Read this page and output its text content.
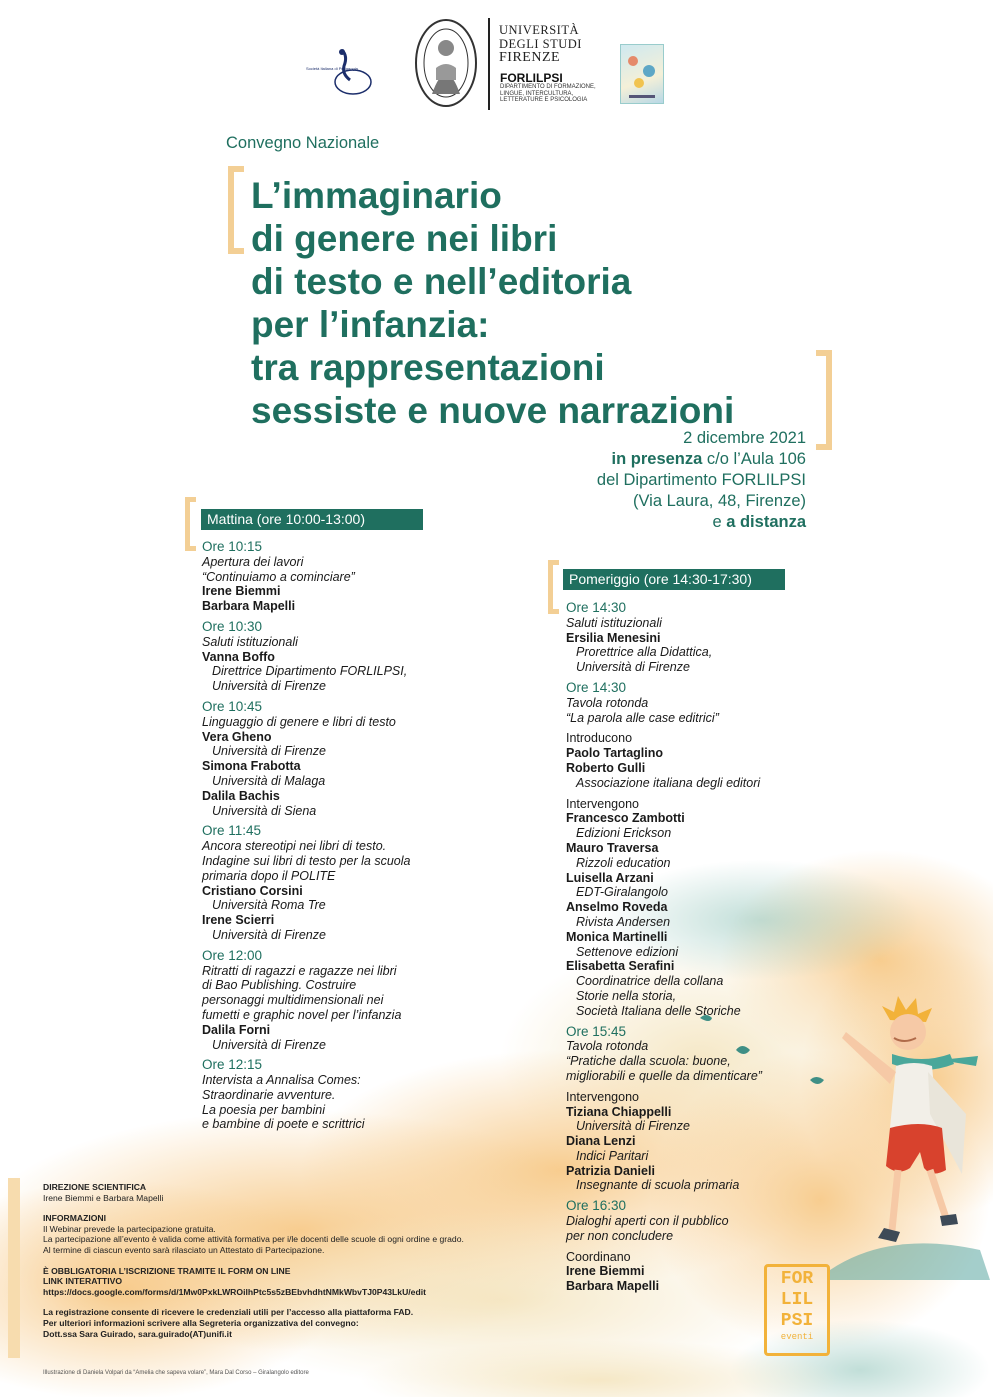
Società Italiana di Pedagogia
UNIVERSITÀ
DEGLI STUDI
FIRENZE
FORLILPSI
DIPARTIMENTO DI FORMAZIONE,
LINGUE, INTERCULTURA,
LETTERATURE E PSICOLOGIA
Convegno Nazionale
L’immaginario
di genere nei libri
di testo e nell’editoria
per l’infanzia:
tra rappresentazioni
sessiste e nuove narrazioni
2 dicembre 2021
in presenza c/o l’Aula 106
del Dipartimento FORLILPSI
(Via Laura, 48, Firenze)
e a distanza
Mattina (ore 10:00-13:00)
Ore 10:15
Apertura dei lavori
“Continuiamo a cominciare”
Irene Biemmi
Barbara Mapelli
Ore 10:30
Saluti istituzionali
Vanna Boffo
Direttrice Dipartimento FORLILPSI,
Università di Firenze
Ore 10:45
Linguaggio di genere e libri di testo
Vera Gheno
Università di Firenze
Simona Frabotta
Università di Malaga
Dalila Bachis
Università di Siena
Ore 11:45
Ancora stereotipi nei libri di testo.
Indagine sui libri di testo per la scuola
primaria dopo il POLITE
Cristiano Corsini
Università Roma Tre
Irene Scierri
Università di Firenze
Ore 12:00
Ritratti di ragazzi e ragazze nei libri
di Bao Publishing. Costruire
personaggi multidimensionali nei
fumetti e graphic novel per l’infanzia
Dalila Forni
Università di Firenze
Ore 12:15
Intervista a Annalisa Comes:
Straordinarie avventure.
La poesia per bambini
e bambine di poete e scrittrici
Pomeriggio (ore 14:30-17:30)
Ore 14:30
Saluti istituzionali
Ersilia Menesini
Prorettrice alla Didattica,
Università di Firenze
Ore 14:30
Tavola rotonda
“La parola alle case editrici”
Introducono
Paolo Tartaglino
Roberto Gulli
Associazione italiana degli editori
Intervengono
Francesco Zambotti
Edizioni Erickson
Mauro Traversa
Rizzoli education
Luisella Arzani
EDT-Giralangolo
Anselmo Roveda
Rivista Andersen
Monica Martinelli
Settenove edizioni
Elisabetta Serafini
Coordinatrice della collana
Storie nella storia,
Società Italiana delle Storiche
Ore 15:45
Tavola rotonda
“Pratiche dalla scuola: buone,
migliorabili e quelle da dimenticare”
Intervengono
Tiziana Chiappelli
Università di Firenze
Diana Lenzi
Indici Paritari
Patrizia Danieli
Insegnante di scuola primaria
Ore 16:30
Dialoghi aperti con il pubblico
per non concludere
Coordinano
Irene Biemmi
Barbara Mapelli
DIREZIONE SCIENTIFICA
Irene Biemmi e Barbara Mapelli
INFORMAZIONI
Il Webinar prevede la partecipazione gratuita.
La partecipazione all’evento è valida come attività formativa per i/le docenti delle scuole di ogni ordine e grado.
Al termine di ciascun evento sarà rilasciato un Attestato di Partecipazione.
È OBBLIGATORIA L’ISCRIZIONE TRAMITE IL FORM ON LINE
LINK INTERATTIVO
https://docs.google.com/forms/d/1Mw0PxkLWROilhPtc5s5zBEbvhdhtNMkWbvTJ0P43LkU/edit
La registrazione consente di ricevere le credenziali utili per l’accesso alla piattaforma FAD.
Per ulteriori informazioni scrivere alla Segreteria organizzativa del convegno:
Dott.ssa Sara Guirado, sara.guirado(AT)unifi.it
Illustrazione di Daniela Volpari da “Amelia che sapeva volare”, Mara Dal Corso – Giralangolo editore
FOR
LIL
PSI
eventi
